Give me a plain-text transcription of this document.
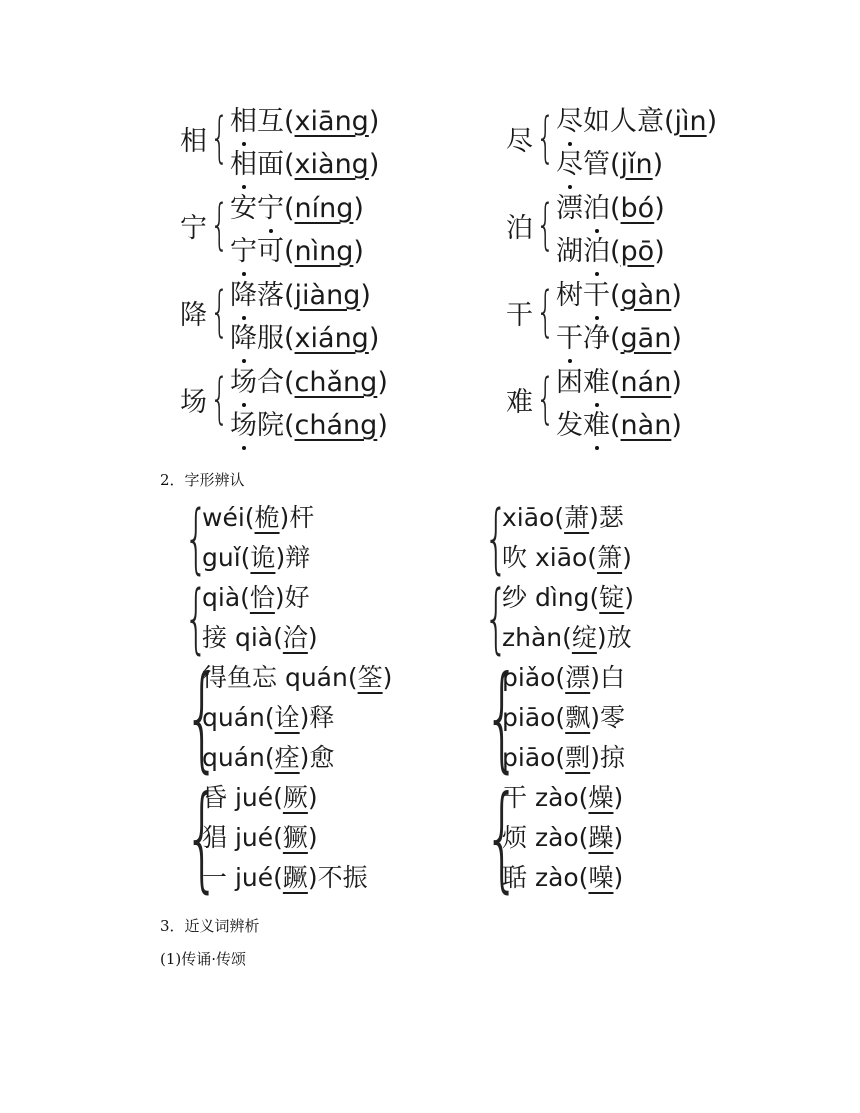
相 { 相互(xiāng)
相面(xiàng)
宁 { 安宁(níng)
宁可(nìng)
降 { 降落(jiàng)
降服(xiáng)
场 { 场合(chǎng)
场院(cháng)
尽 { 尽如人意(jìn)
尽管(jǐn)
泊 { 漂泊(bó)
湖泊(pō)
干 { 树干(gàn)
干净(gān)
难 { 困难(nán)
发难(nàn)
2．字形辨认
{
wéi(桅)杆
guǐ(诡)辩
{
qià(恰)好
接 qià(洽)
{
得鱼忘 quán(筌)
quán(诠)释
quán(痊)愈
{
昏 jué(厥)
猖 jué(獗)
一 jué(蹶)不振
{
xiāo(萧)瑟
吹 xiāo(箫)
{
纱 dìng(锭)
zhàn(绽)放
{
piǎo(漂)白
piāo(飘)零
piāo(剽)掠
{
干 zào(燥)
烦 zào(躁)
聒 zào(噪)
3．近义词辨析
(1)传诵·传颂
